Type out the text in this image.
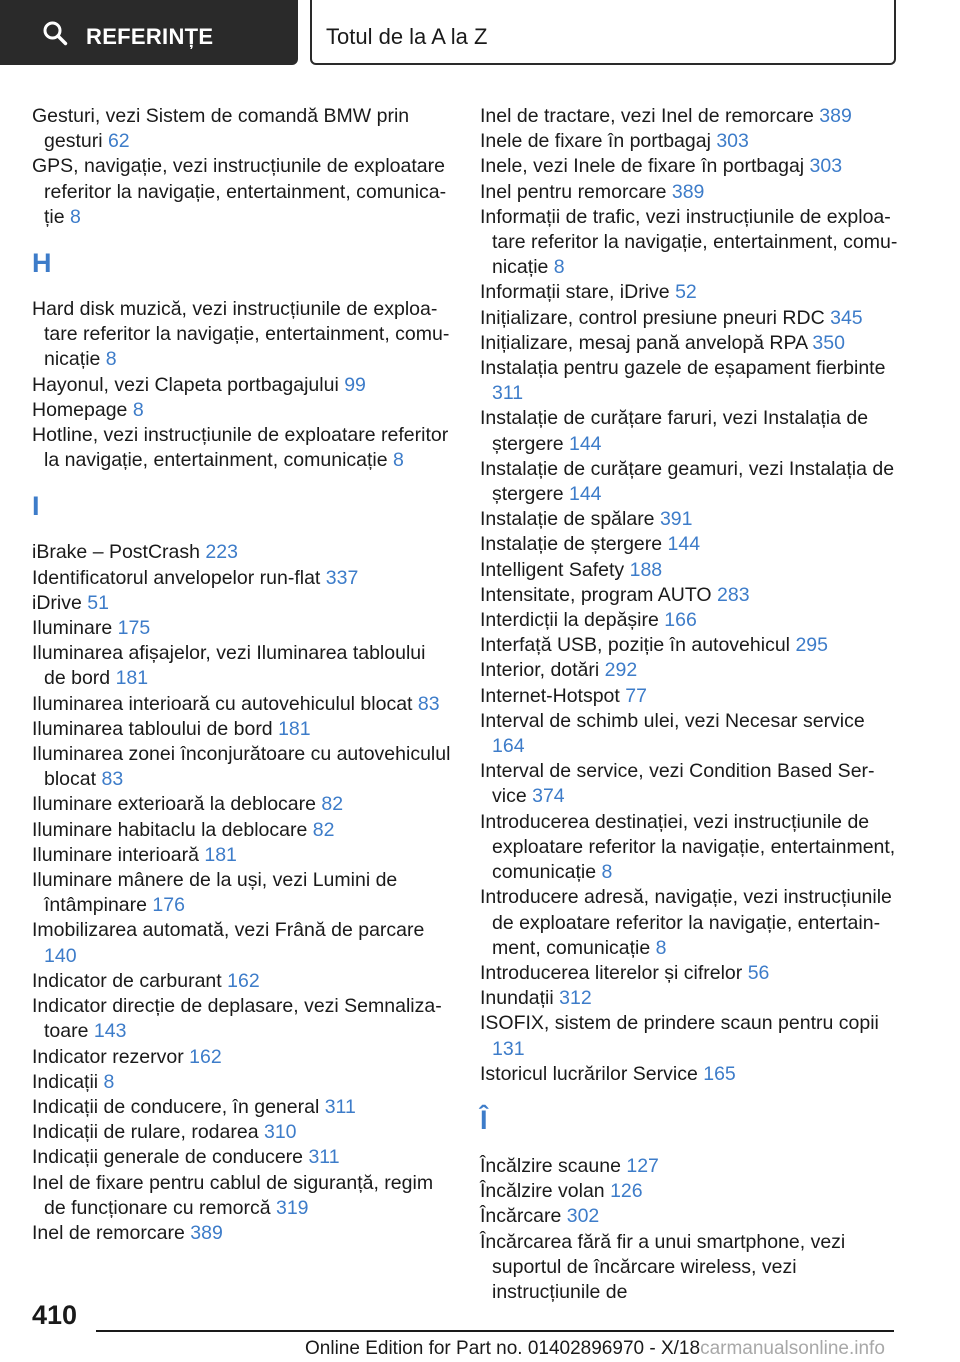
REFERINȚE	Totul de la A la Z
Gesturi, vezi Sistem de comandă BMW prin gesturi 62
GPS, navigație, vezi instrucțiunile de exploatare referitor la navigație, entertainment, comunicație 8
H
Hard disk muzică, vezi instrucțiunile de exploatare referitor la navigație, entertainment, comunicație 8
Hayonul, vezi Clapeta portbagajului 99
Homepage 8
Hotline, vezi instrucțiunile de exploatare referitor la navigație, entertainment, comunicație 8
I
iBrake – PostCrash 223
Identificatorul anvelopelor run-flat 337
iDrive 51
Iluminare 175
Iluminarea afișajelor, vezi Iluminarea tabloului de bord 181
Iluminarea interioară cu autovehiculul blocat 83
Iluminarea tabloului de bord 181
Iluminarea zonei înconjurătoare cu autovehiculul blocat 83
Iluminare exterioară la deblocare 82
Iluminare habitaclu la deblocare 82
Iluminare interioară 181
Iluminare mânere de la uși, vezi Lumini de întâmpinare 176
Imobilizarea automată, vezi Frână de parcare 140
Indicator de carburant 162
Indicator direcție de deplasare, vezi Semnalizatoare 143
Indicator rezervor 162
Indicații 8
Indicații de conducere, în general 311
Indicații de rulare, rodarea 310
Indicații generale de conducere 311
Inel de fixare pentru cablul de siguranță, regim de funcționare cu remorcă 319
Inel de remorcare 389
Inel de tractare, vezi Inel de remorcare 389
Inele de fixare în portbagaj 303
Inele, vezi Inele de fixare în portbagaj 303
Inel pentru remorcare 389
Informații de trafic, vezi instrucțiunile de exploatare referitor la navigație, entertainment, comunicație 8
Informații stare, iDrive 52
Inițializare, control presiune pneuri RDC 345
Inițializare, mesaj pană anvelopă RPA 350
Instalația pentru gazele de eșapament fierbinte 311
Instalație de curățare faruri, vezi Instalația de ștergere 144
Instalație de curățare geamuri, vezi Instalația de ștergere 144
Instalație de spălare 391
Instalație de ștergere 144
Intelligent Safety 188
Intensitate, program AUTO 283
Interdicții la depășire 166
Interfață USB, poziție în autovehicul 295
Interior, dotări 292
Internet-Hotspot 77
Interval de schimb ulei, vezi Necesar service 164
Interval de service, vezi Condition Based Service 374
Introducerea destinației, vezi instrucțiunile de exploatare referitor la navigație, entertainment, comunicație 8
Introducere adresă, navigație, vezi instrucțiunile de exploatare referitor la navigație, entertainment, comunicație 8
Introducerea literelor și cifrelor 56
Inundații 312
ISOFIX, sistem de prindere scaun pentru copii 131
Istoricul lucrărilor Service 165
Î
Încălzire scaune 127
Încălzire volan 126
Încărcare 302
Încărcarea fără fir a unui smartphone, vezi suportul de încărcare wireless, vezi instrucțiunile de
410
Online Edition for Part no. 01402896970 - X/18carmanualsonline.info
